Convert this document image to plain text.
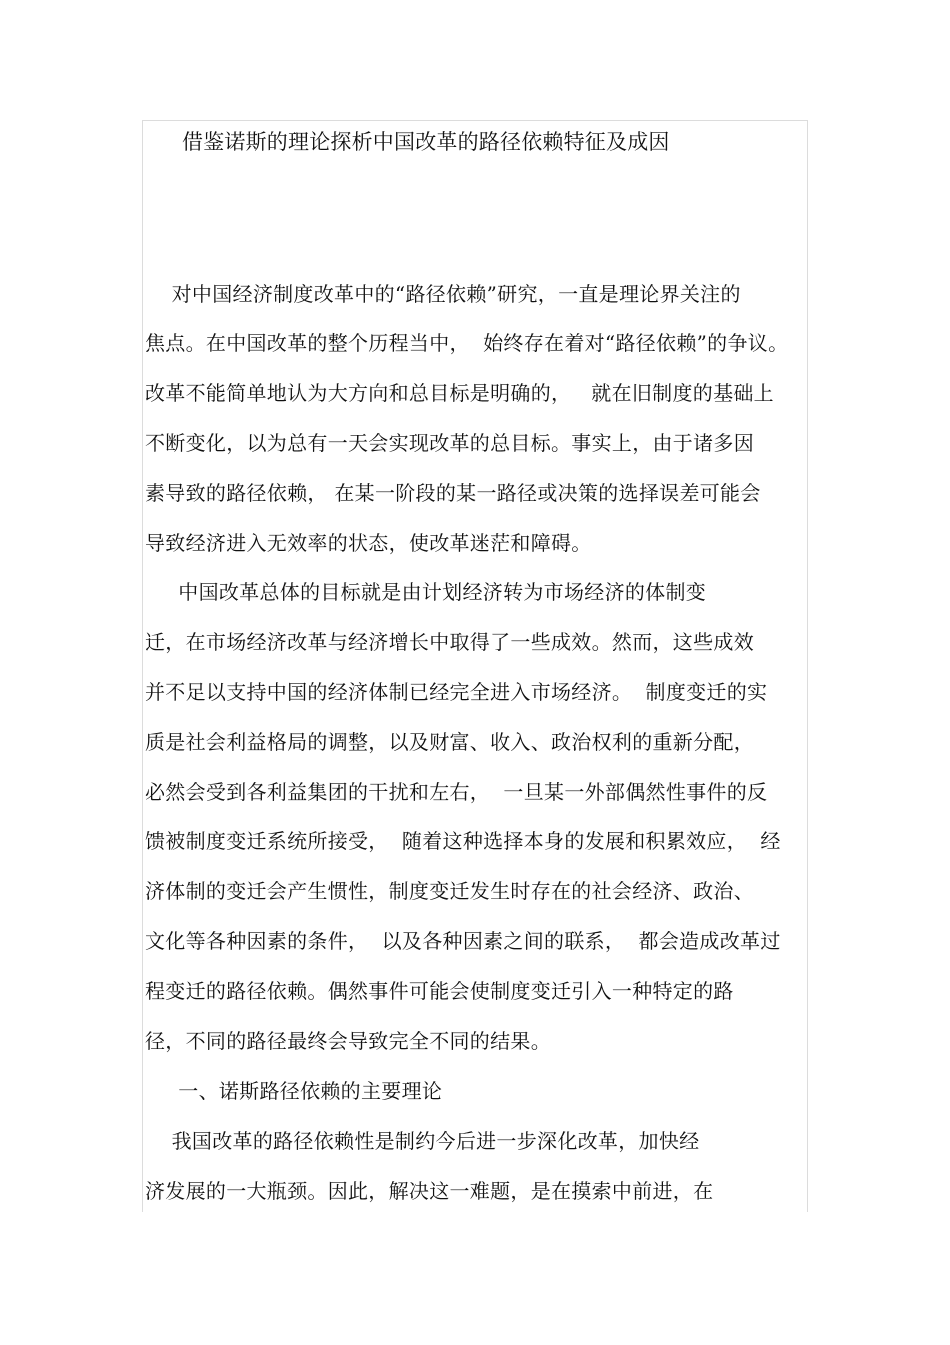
借鉴诺斯的理论探析中国改革的路径依赖特征及成因
对中国经济制度改革中的“路径依赖”研究，一直是理论界关注的
焦点。在中国改革的整个历程当中，  始终存在着对“路径依赖”的争议。
改革不能简单地认为大方向和总目标是明确的，   就在旧制度的基础上
不断变化，以为总有一天会实现改革的总目标。事实上，由于诸多因
素导致的路径依赖， 在某一阶段的某一路径或决策的选择误差可能会
导致经济进入无效率的状态，使改革迷茫和障碍。
中国改革总体的目标就是由计划经济转为市场经济的体制变
迁，在市场经济改革与经济增长中取得了一些成效。然而，这些成效
并不足以支持中国的经济体制已经完全进入市场经济。  制度变迁的实
质是社会利益格局的调整，以及财富、收入、政治权利的重新分配，
必然会受到各利益集团的干扰和左右，  一旦某一外部偶然性事件的反
馈被制度变迁系统所接受，  随着这种选择本身的发展和积累效应，  经
济体制的变迁会产生惯性，制度变迁发生时存在的社会经济、政治、
文化等各种因素的条件，  以及各种因素之间的联系，  都会造成改革过
程变迁的路径依赖。偶然事件可能会使制度变迁引入一种特定的路
径，不同的路径最终会导致完全不同的结果。
一、诺斯路径依赖的主要理论
我国改革的路径依赖性是制约今后进一步深化改革，加快经
济发展的一大瓶颈。因此，解决这一难题，是在摸索中前进，在
